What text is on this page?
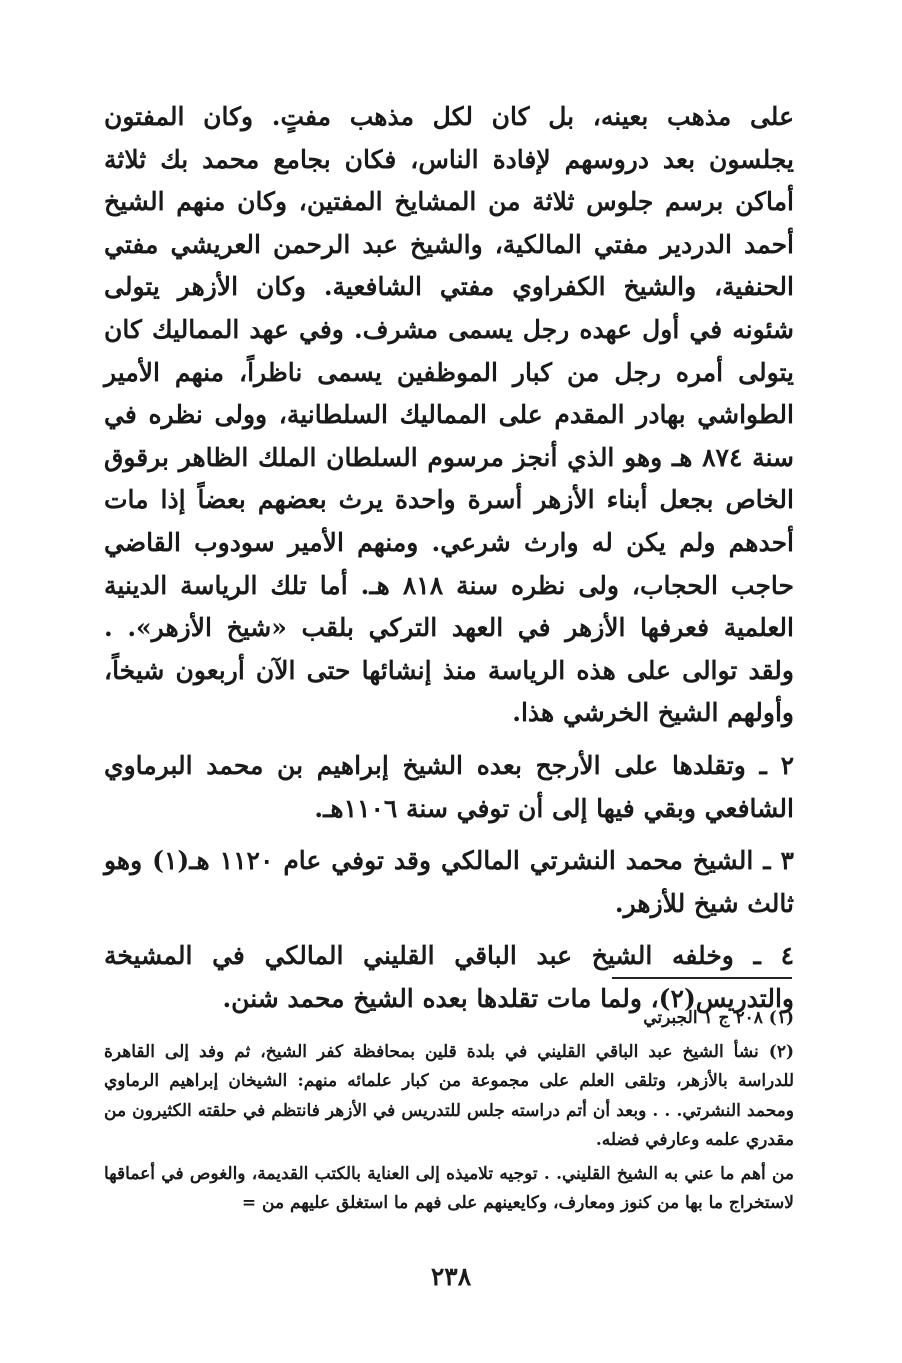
على مذهب بعينه، بل كان لكل مذهب مفتٍ. وكان المفتون يجلسون بعد دروسهم لإفادة الناس، فكان بجامع محمد بك ثلاثة أماكن برسم جلوس ثلاثة من المشايخ المفتين، وكان منهم الشيخ أحمد الدردير مفتي المالكية، والشيخ عبد الرحمن العريشي مفتي الحنفية، والشيخ الكفراوي مفتي الشافعية. وكان الأزهر يتولى شئونه في أول عهده رجل يسمى مشرف. وفي عهد المماليك كان يتولى أمره رجل من كبار الموظفين يسمى ناظراً، منهم الأمير الطواشي بهادر المقدم على المماليك السلطانية، وولى نظره في سنة ٨٧٤ هـ وهو الذي أنجز مرسوم السلطان الملك الظاهر برقوق الخاص بجعل أبناء الأزهر أسرة واحدة يرث بعضهم بعضاً إذا مات أحدهم ولم يكن له وارث شرعي. ومنهم الأمير سودوب القاضي حاجب الحجاب، ولى نظره سنة ٨١٨ هـ. أما تلك الرياسة الدينية العلمية فعرفها الأزهر في العهد التركي بلقب «شيخ الأزهر». . ولقد توالى على هذه الرياسة منذ إنشائها حتى الآن أربعون شيخاً، وأولهم الشيخ الخرشي هذا.

٢ ـ وتقلدها على الأرجح بعده الشيخ إبراهيم بن محمد البرماوي الشافعي وبقي فيها إلى أن توفي سنة ١١٠٦هـ.

٣ ـ الشيخ محمد النشرتي المالكي وقد توفي عام ١١٢٠ هـ(١) وهو ثالث شيخ للأزهر.

٤ ـ وخلفه الشيخ عبد الباقي القليني المالكي في المشيخة والتدريس(٢)، ولما مات تقلدها بعده الشيخ محمد شنن.

(١) ٢٠٨ ج ١ الجبرتي

(٢) نشأ الشيخ عبد الباقي القليني في بلدة قلين بمحافظة كفر الشيخ، ثم وفد إلى القاهرة للدراسة بالأزهر، وتلقى العلم على مجموعة من كبار علمائه منهم: الشيخان إبراهيم الرماوي ومحمد النشرتي. . . وبعد أن أتم دراسته جلس للتدريس في الأزهر فانتظم في حلقته الكثيرون من مقدري علمه وعارفي فضله.

من أهم ما عني به الشيخ القليني. . توجيه تلاميذه إلى العناية بالكتب القديمة، والغوص في أعماقها لاستخراج ما بها من كنوز ومعارف، وكايعينهم على فهم ما استغلق عليهم من =

٢٣٨
